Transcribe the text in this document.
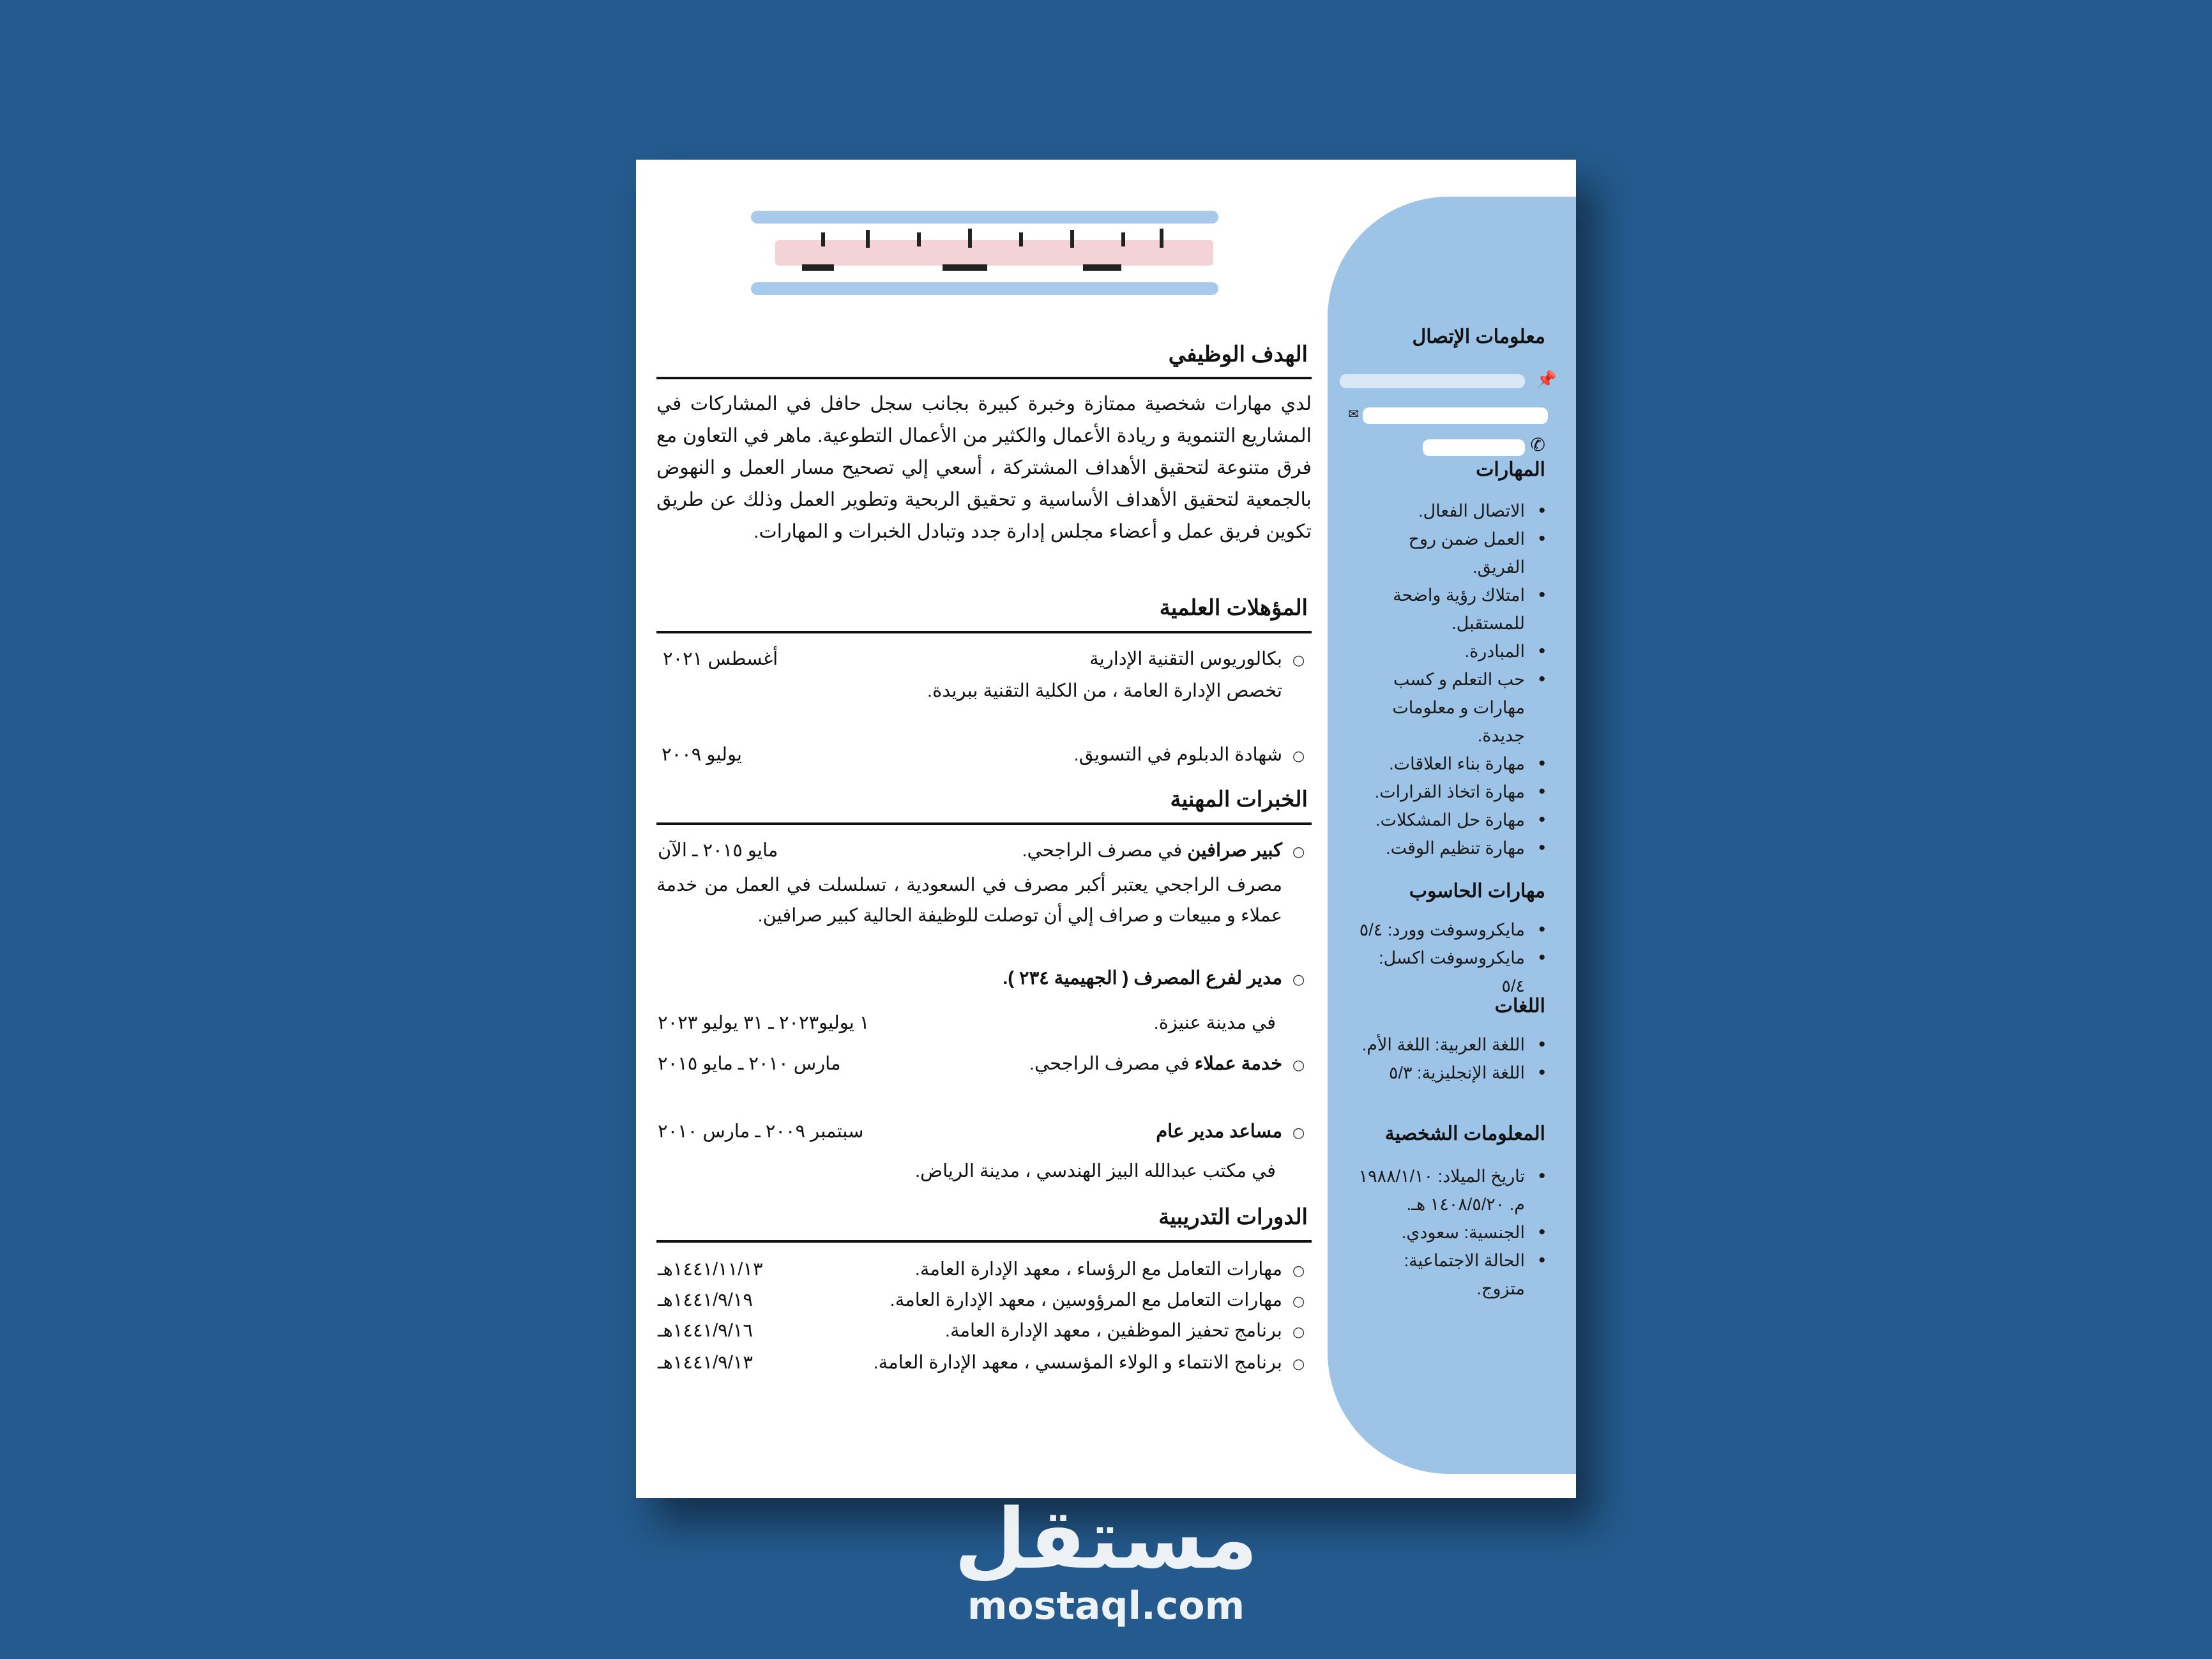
الهدف الوظيفي
لدي مهارات شخصية ممتازة وخبرة كبيرة بجانب سجل حافل في المشاركات في المشاريع التنموية و ريادة الأعمال والكثير من الأعمال التطوعية. ماهر في التعاون مع فرق متنوعة لتحقيق الأهداف المشتركة ، أسعي إلي تصحيح مسار العمل و النهوض بالجمعية لتحقيق الأهداف الأساسية و تحقيق الربحية وتطوير العمل وذلك عن طريق تكوين فريق عمل و أعضاء مجلس إدارة جدد وتبادل الخبرات و المهارات.
المؤهلات العلمية
○
بكالوريوس التقنية الإدارية
أغسطس ٢٠٢١
تخصص الإدارة العامة ، من الكلية التقنية ببريدة.
○
شهادة الدبلوم في التسويق.
يوليو ٢٠٠٩
الخبرات المهنية
○
كبير صرافين في مصرف الراجحي.
مايو ٢٠١٥ ـ الآن
مصرف الراجحي يعتبر أكبر مصرف في السعودية ، تسلسلت في العمل من خدمة عملاء و مبيعات و صراف إلي أن توصلت للوظيفة الحالية كبير صرافين.
○
مدير لفرع المصرف ( الجهيمية ٢٣٤ ).
في مدينة عنيزة.
١ يوليو٢٠٢٣ ـ ٣١ يوليو ٢٠٢٣
○
خدمة عملاء في مصرف الراجحي.
مارس ٢٠١٠ ـ مايو ٢٠١٥
○
مساعد مدير عام
سبتمبر ٢٠٠٩ ـ مارس ٢٠١٠
في مكتب عبدالله البيز الهندسي ، مدينة الرياض.
الدورات التدريبية
○
مهارات التعامل مع الرؤساء ، معهد الإدارة العامة.
١٤٤١/١١/١٣هـ
○
مهارات التعامل مع المرؤوسين ، معهد الإدارة العامة.
١٤٤١/٩/١٩هـ
○
برنامج تحفيز الموظفين ، معهد الإدارة العامة.
١٤٤١/٩/١٦هـ
○
برنامج الانتماء و الولاء المؤسسي ، معهد الإدارة العامة.
١٤٤١/٩/١٣هـ
معلومات الإتصال
📌
✉
✆
المهارات
• الاتصال الفعال.
• العمل ضمن روح الفريق.
• امتلاك رؤية واضحة للمستقبل.
• المبادرة.
• حب التعلم و كسب مهارات و معلومات جديدة.
• مهارة بناء العلاقات.
• مهارة اتخاذ القرارات.
• مهارة حل المشكلات.
• مهارة تنظيم الوقت.
مهارات الحاسوب
• مايكروسوفت وورد: ٥/٤
• مايكروسوفت اكسل: ٥/٤
اللغات
• اللغة العربية: اللغة الأم.
• اللغة الإنجليزية: ٥/٣
المعلومات الشخصية
• تاريخ الميلاد: ١٩٨٨/١/١٠ م. ١٤٠٨/٥/٢٠ هـ.
• الجنسية: سعودي.
• الحالة الاجتماعية: متزوج.
مستقل
mostaql.com
